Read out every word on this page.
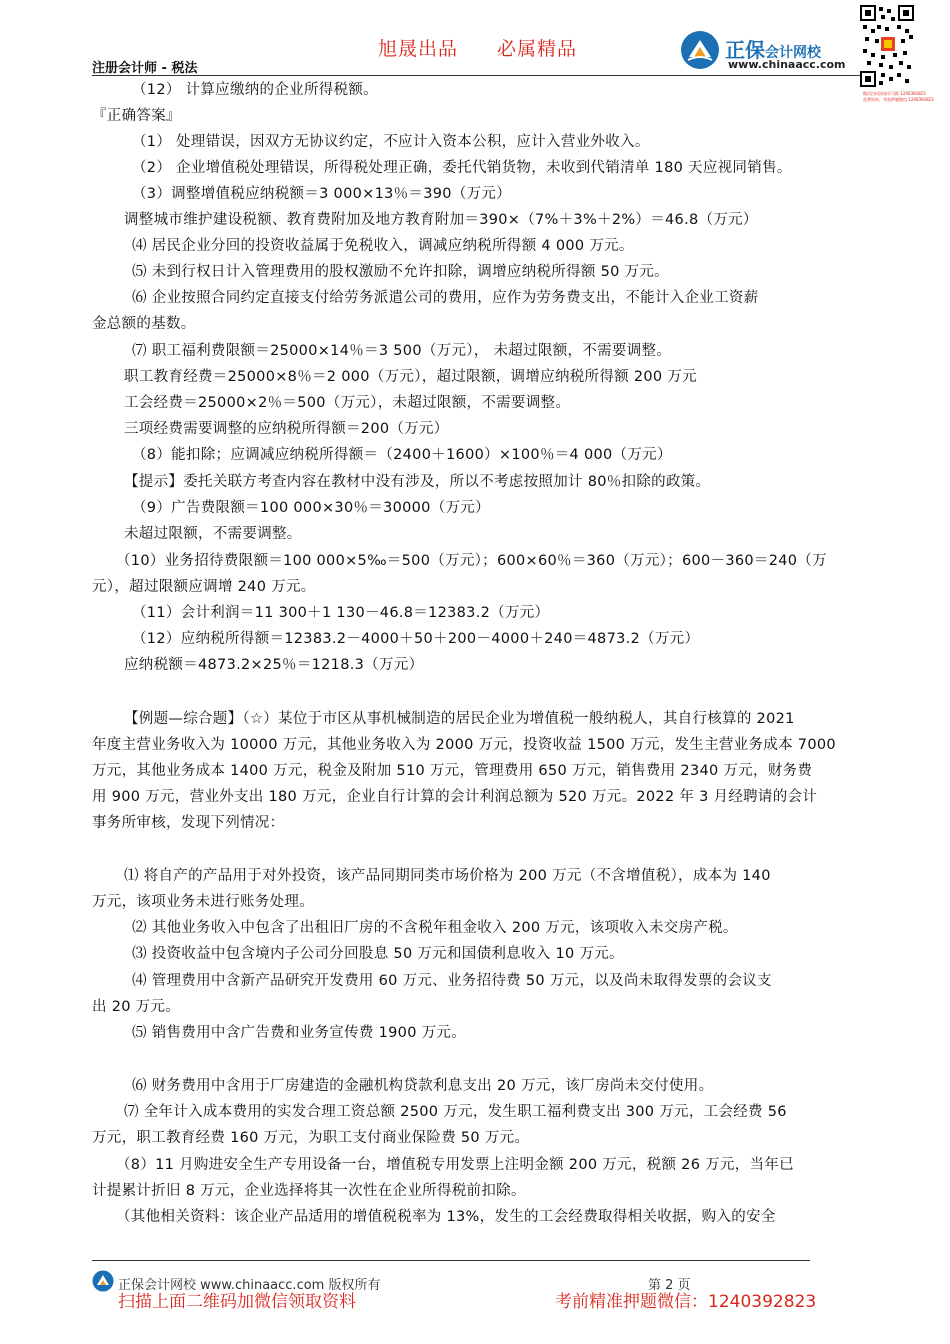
旭晟出品 必属精品
注册会计师 - 税法
正保会计网校
www.chinaacc.com
微信扫码添加学习群 1240392823
免费资料、考前押题微信 1240392823
（12） 计算应缴纳的企业所得税额。
『正确答案』
（1） 处理错误，因双方无协议约定，不应计入资本公积，应计入营业外收入。
（2） 企业增值税处理错误，所得税处理正确，委托代销货物，未收到代销清单 180 天应视同销售。
（3）调整增值税应纳税额＝3 000×13％＝390（万元）
调整城市维护建设税额、教育费附加及地方教育附加＝390×（7%＋3%＋2%）＝46.8（万元）
⑷ 居民企业分回的投资收益属于免税收入，调减应纳税所得额 4 000 万元。
⑸ 未到行权日计入管理费用的股权激励不允许扣除，调增应纳税所得额 50 万元。
⑹ 企业按照合同约定直接支付给劳务派遣公司的费用，应作为劳务费支出，不能计入企业工资薪
金总额的基数。
⑺ 职工福利费限额＝25000×14％＝3 500（万元）， 未超过限额，不需要调整。
职工教育经费＝25000×8％＝2 000（万元），超过限额，调增应纳税所得额 200 万元
工会经费＝25000×2％＝500（万元），未超过限额，不需要调整。
三项经费需要调整的应纳税所得额＝200（万元）
（8）能扣除；应调减应纳税所得额＝（2400＋1600）×100％＝4 000（万元）
【提示】委托关联方考查内容在教材中没有涉及，所以不考虑按照加计 80％扣除的政策。
（9）广告费限额＝100 000×30％＝30000（万元）
未超过限额，不需要调整。
（10）业务招待费限额＝100 000×5‰＝500（万元）；600×60％＝360（万元）；600－360＝240（万
元），超过限额应调增 240 万元。
（11）会计利润＝11 300＋1 130－46.8＝12383.2（万元）
（12）应纳税所得额＝12383.2－4000＋50＋200－4000＋240＝4873.2（万元）
应纳税额＝4873.2×25％＝1218.3（万元）
【例题—综合题】（☆）某位于市区从事机械制造的居民企业为增值税一般纳税人，其自行核算的 2021
年度主营业务收入为 10000 万元，其他业务收入为 2000 万元，投资收益 1500 万元，发生主营业务成本 7000
万元，其他业务成本 1400 万元，税金及附加 510 万元，管理费用 650 万元，销售费用 2340 万元，财务费
用 900 万元，营业外支出 180 万元，企业自行计算的会计利润总额为 520 万元。2022 年 3 月经聘请的会计
事务所审核，发现下列情况：
⑴ 将自产的产品用于对外投资，该产品同期同类市场价格为 200 万元（不含增值税），成本为 140
万元，该项业务未进行账务处理。
⑵ 其他业务收入中包含了出租旧厂房的不含税年租金收入 200 万元，该项收入未交房产税。
⑶ 投资收益中包含境内子公司分回股息 50 万元和国债利息收入 10 万元。
⑷ 管理费用中含新产品研究开发费用 60 万元、业务招待费 50 万元，以及尚未取得发票的会议支
出 20 万元。
⑸ 销售费用中含广告费和业务宣传费 1900 万元。
⑹ 财务费用中含用于厂房建造的金融机构贷款利息支出 20 万元，该厂房尚未交付使用。
⑺ 全年计入成本费用的实发合理工资总额 2500 万元，发生职工福利费支出 300 万元，工会经费 56
万元，职工教育经费 160 万元，为职工支付商业保险费 50 万元。
（8）11 月购进安全生产专用设备一台，增值税专用发票上注明金额 200 万元，税额 26 万元，当年已
计提累计折旧 8 万元，企业选择将其一次性在企业所得税前扣除。
（其他相关资料：该企业产品适用的增值税税率为 13%，发生的工会经费取得相关收据，购入的安全
正保会计网校 www.chinaacc.com 版权所有	第 2 页
扫描上面二维码加微信领取资料	考前精准押题微信：1240392823
